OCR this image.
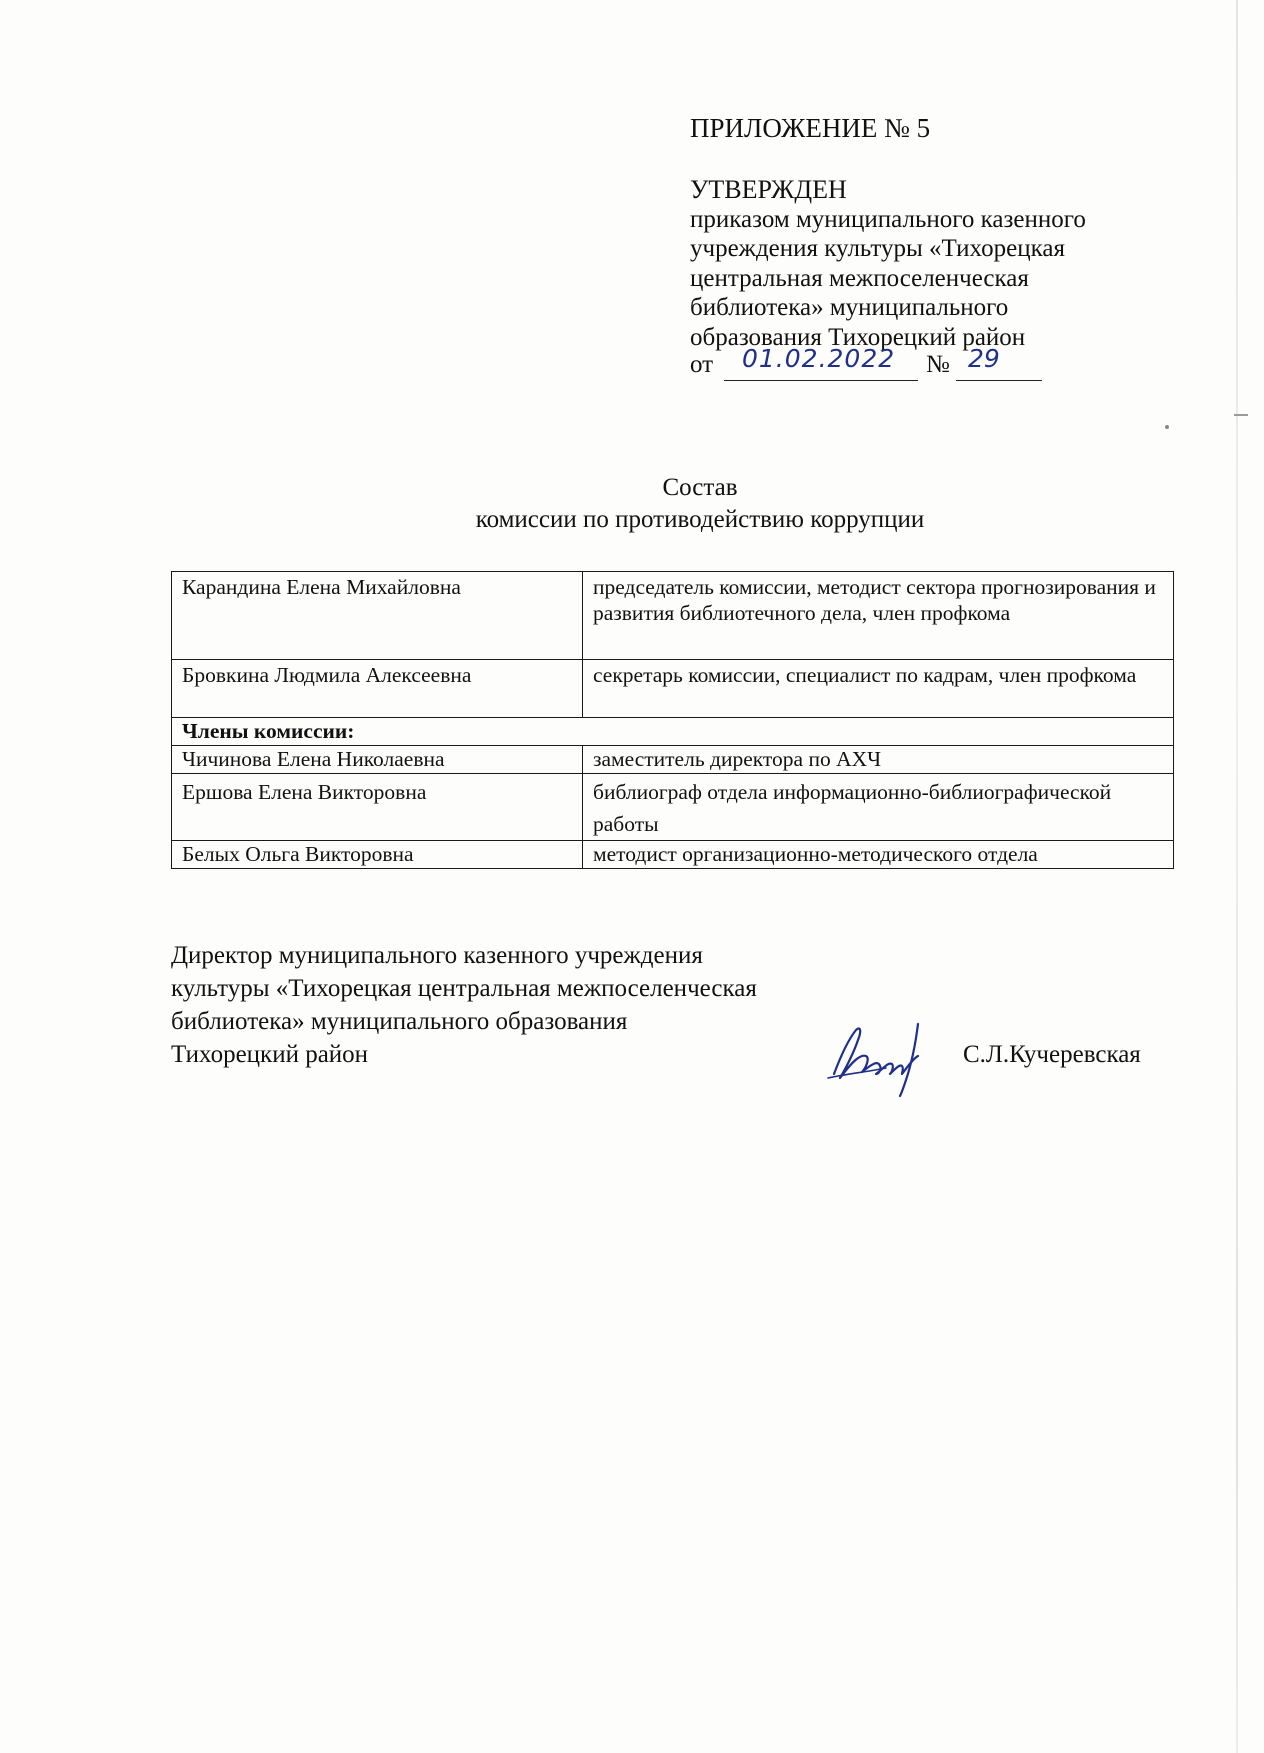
ПРИЛОЖЕНИЕ № 5
УТВЕРЖДЕН
приказом муниципального казенного
учреждения культуры «Тихорецкая
центральная межпоселенческая
библиотека» муниципального
образования Тихорецкий район
от 01.02.2022 № 29
Состав
комиссии по противодействию коррупции
Карандина Елена Михайловна	председатель комиссии, методист сектора прогнозирования и развития библиотечного дела, член профкома
Бровкина Людмила Алексеевна	секретарь комиссии, специалист по кадрам, член профкома
Члены комиссии:	
Чичинова Елена Николаевна	заместитель директора по АХЧ
Ершова Елена Викторовна	библиограф отдела информационно-библиографической работы
Белых Ольга Викторовна	методист организационно-методического отдела
Директор муниципального казенного учреждения
культуры «Тихорецкая центральная межпоселенческая
библиотека» муниципального образования
Тихорецкий район	С.Л.Кучеревская
